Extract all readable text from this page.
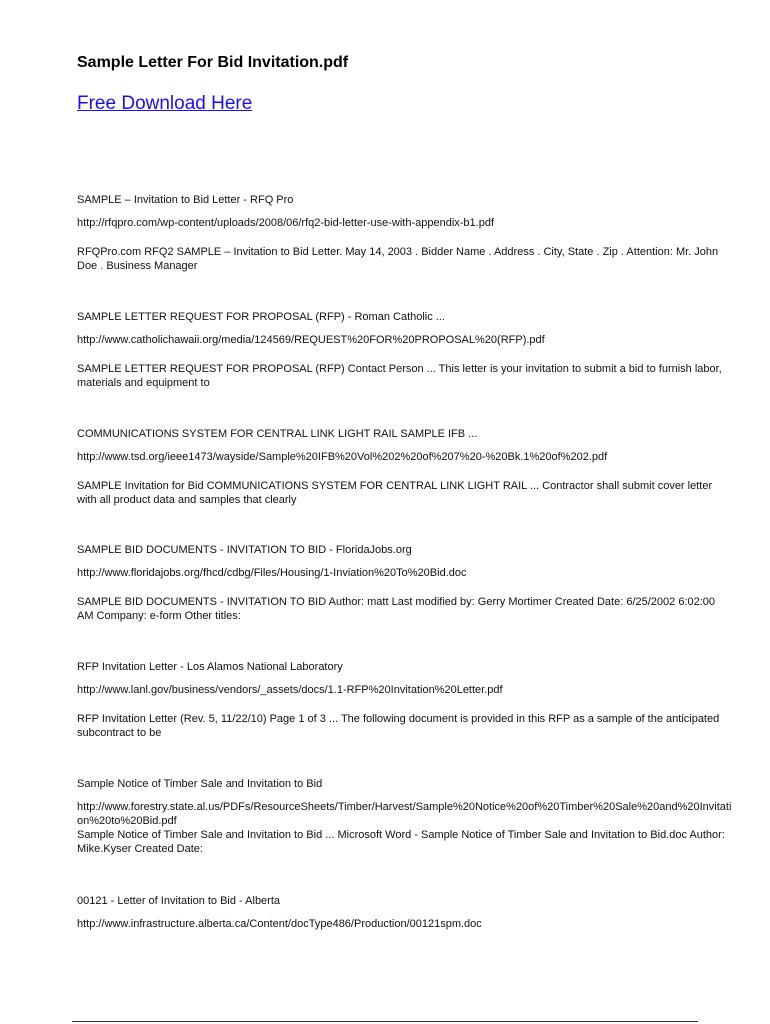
Sample Letter For Bid Invitation.pdf
Free Download Here
SAMPLE – Invitation to Bid Letter - RFQ Pro
http://rfqpro.com/wp-content/uploads/2008/06/rfq2-bid-letter-use-with-appendix-b1.pdf
RFQPro.com RFQ2 SAMPLE – Invitation to Bid Letter. May 14, 2003 . Bidder Name . Address . City, State . Zip . Attention: Mr. John Doe . Business Manager
SAMPLE LETTER REQUEST FOR PROPOSAL (RFP) - Roman Catholic ...
http://www.catholichawaii.org/media/124569/REQUEST%20FOR%20PROPOSAL%20(RFP).pdf
SAMPLE LETTER REQUEST FOR PROPOSAL (RFP) Contact Person ... This letter is your invitation to submit a bid to furnish labor, materials and equipment to
COMMUNICATIONS SYSTEM FOR CENTRAL LINK LIGHT RAIL SAMPLE IFB ...
http://www.tsd.org/ieee1473/wayside/Sample%20IFB%20Vol%202%20of%207%20-%20Bk.1%20of%202.pdf
SAMPLE Invitation for Bid COMMUNICATIONS SYSTEM FOR CENTRAL LINK LIGHT RAIL ... Contractor shall submit cover letter with all product data and samples that clearly
SAMPLE BID DOCUMENTS - INVITATION TO BID - FloridaJobs.org
http://www.floridajobs.org/fhcd/cdbg/Files/Housing/1-Inviation%20To%20Bid.doc
SAMPLE BID DOCUMENTS - INVITATION TO BID Author: matt Last modified by: Gerry Mortimer Created Date: 6/25/2002 6:02:00 AM Company: e-form Other titles:
RFP Invitation Letter - Los Alamos National Laboratory
http://www.lanl.gov/business/vendors/_assets/docs/1.1-RFP%20Invitation%20Letter.pdf
RFP Invitation Letter (Rev. 5, 11/22/10) Page 1 of 3 ... The following document is provided in this RFP as a sample of the anticipated subcontract to be
Sample Notice of Timber Sale and Invitation to Bid
http://www.forestry.state.al.us/PDFs/ResourceSheets/Timber/Harvest/Sample%20Notice%20of%20Timber%20Sale%20and%20Invitation%20to%20Bid.pdf
Sample Notice of Timber Sale and Invitation to Bid ... Microsoft Word - Sample Notice of Timber Sale and Invitation to Bid.doc Author: Mike.Kyser Created Date:
00121 - Letter of Invitation to Bid - Alberta
http://www.infrastructure.alberta.ca/Content/docType486/Production/00121spm.doc
